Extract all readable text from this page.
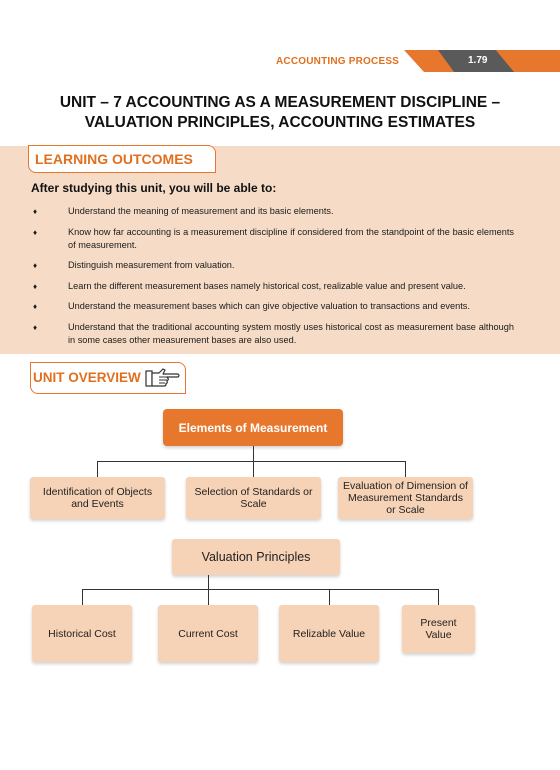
ACCOUNTING PROCESS	1.79
UNIT – 7 ACCOUNTING AS A MEASUREMENT DISCIPLINE – VALUATION PRINCIPLES, ACCOUNTING ESTIMATES
LEARNING OUTCOMES
After studying this unit, you will be able to:
♦	Understand the meaning of measurement and its basic elements.
♦	Know how far accounting is a measurement discipline if considered from the standpoint of the basic elements of measurement.
♦	Distinguish measurement from valuation.
♦	Learn the different measurement bases namely historical cost, realizable value and present value.
♦	Understand the measurement bases which can give objective valuation to transactions and events.
♦	Understand that the traditional accounting system mostly uses historical cost as measurement base although in some cases other measurement bases are also used.
UNIT OVERVIEW
Elements of Measurement
Identification of Objects and Events
Selection of Standards or Scale
Evaluation of Dimension of Measurement Standards or Scale
Valuation Principles
Historical Cost	Current Cost	Relizable Value
Present Value
